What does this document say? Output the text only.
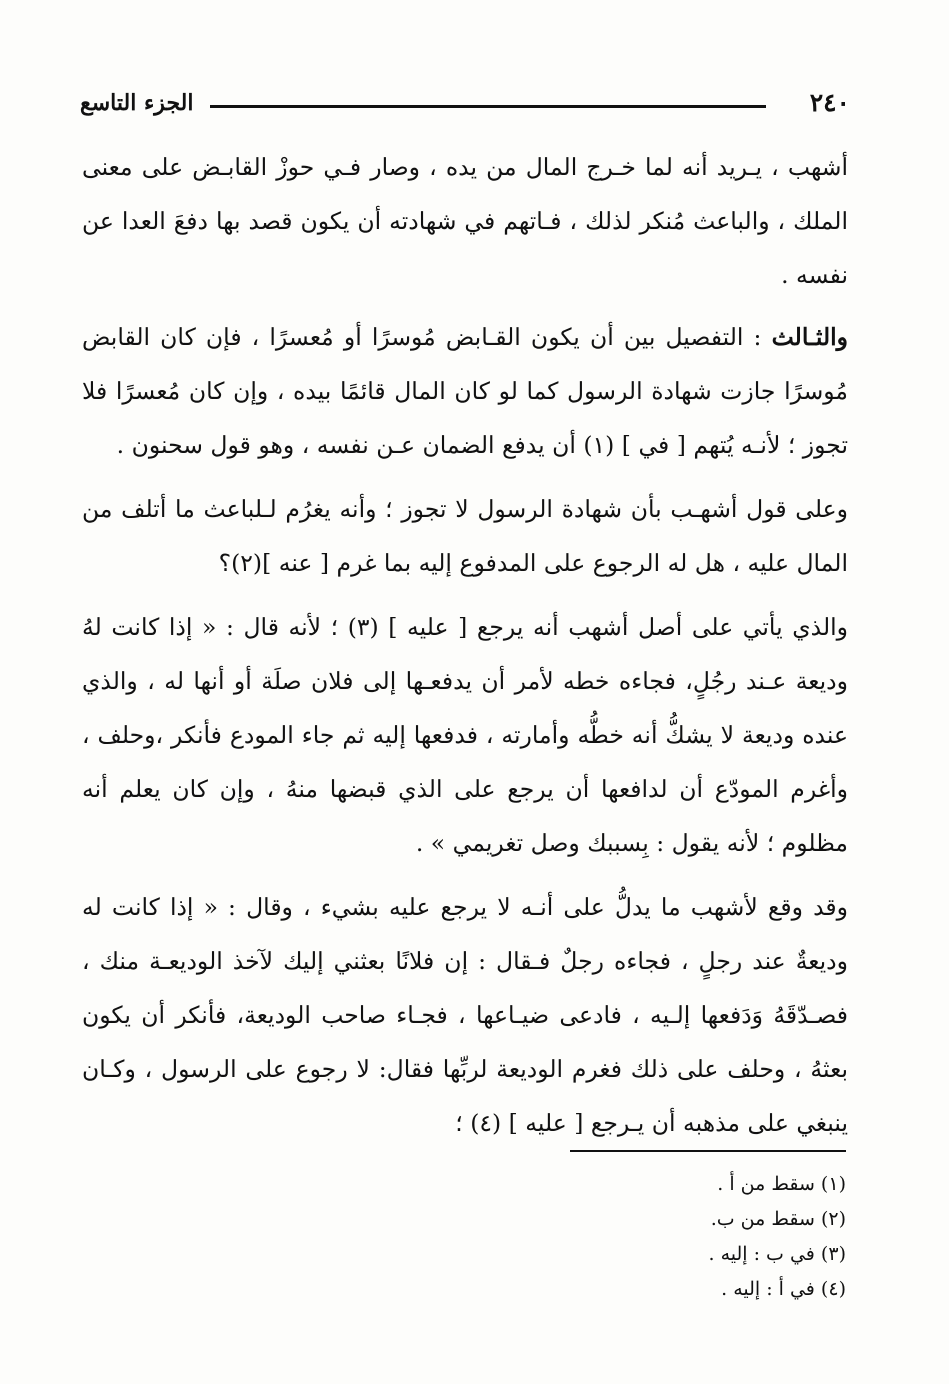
٢٤٠
الجزء التاسع

أشهب ، يـريد أنه لما خـرج المال من يده ، وصار فـي حوزْ القابـض على معنى الملك ، والباعث مُنكر لذلك ، فـاتهم في شهادته أن يكون قصد بها دفعَ العدا عن نفسه .

والثـالث : التفصيل بين أن يكون القـابض مُوسرًا أو مُعسرًا ، فإن كان القابض مُوسرًا جازت شهادة الرسول كما لو كان المال قائمًا بيده ، وإن كان مُعسرًا فلا تجوز ؛ لأنـه يُتهم [ في ] (١) أن يدفع الضمان عـن نفسه ، وهو قول سحنون .

وعلى قول أشهـب بأن شهادة الرسول لا تجوز ؛ وأنه يغرُم لـلباعث ما أتلف من المال عليه ، هل له الرجوع على المدفوع إليه بما غرم [ عنه ](٢)؟

والذي يأتي على أصل أشهب أنه يرجع [ عليه ] (٣) ؛ لأنه قال : « إذا كانت لهُ وديعة عـند رجُلٍ، فجاءه خطه لأمر أن يدفعـها إلى فلان صلَة أو أنها له ، والذي عنده وديعة لا يشكُّ أنه خطُّه وأمارته ، فدفعها إليه ثم جاء المودع فأنكر ،وحلف ، وأغرم المودّع أن لدافعها أن يرجع على الذي قبضها منهُ ، وإن كان يعلم أنه مظلوم ؛ لأنه يقول : بِسببك وصل تغريمي » .

وقد وقع لأشهب ما يدلُّ على أنـه لا يرجع عليه بشيء ، وقال : « إذا كانت له وديعةٌ عند رجلٍ ، فجاءه رجلٌ فـقال : إن فلانًا بعثني إليك لآخذ الوديعـة منك ، فصـدّقَهُ وَدَفعها إلـيه ، فادعى ضيـاعها ، فجـاء صاحب الوديعة، فأنكر أن يكون بعثهُ ، وحلف على ذلك فغرم الوديعة لربِّها فقال: لا رجوع على الرسول ، وكـان ينبغي على مذهبه أن يـرجع [ عليه ] (٤) ؛

(١) سقط من أ .
(٢) سقط من ب.
(٣) في ب : إليه .
(٤) في أ : إليه .
